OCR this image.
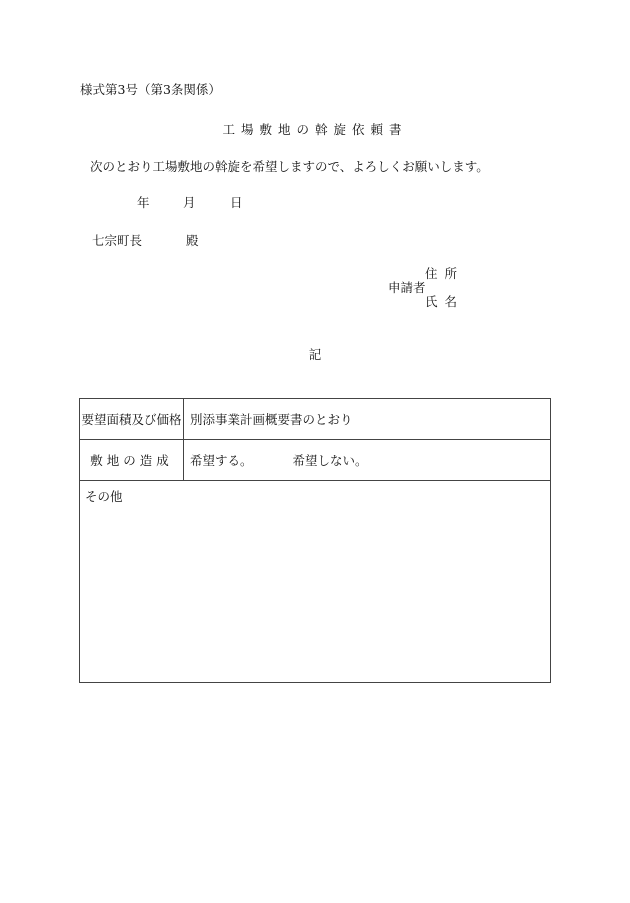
様式第3号（第3条関係）
工場敷地の斡旋依頼書
次のとおり工場敷地の斡旋を希望しますので、よろしくお願いします。
年	月	日
七宗町長	殿
住所
申請者
氏名
記
要望面積及び価格 別添事業計画概要書のとおり
敷地の造成	希望する。	希望しない。
その他
